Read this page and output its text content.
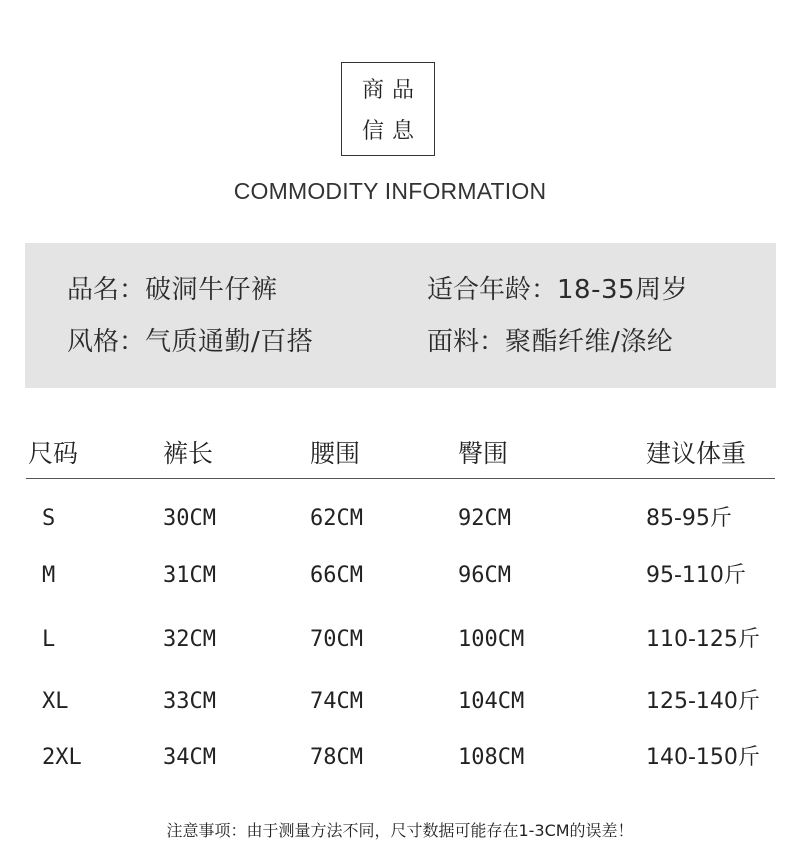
商品
信息
COMMODITY INFORMATION
品名：破洞牛仔裤	适合年龄：18-35周岁
风格：气质通勤/百搭	面料：聚酯纤维/涤纶
尺码	裤长	腰围	臀围	建议体重
S	30CM	62CM	92CM	85-95斤
M	31CM	66CM	96CM	95-110斤
L	32CM	70CM	100CM	110-125斤
XL	33CM	74CM	104CM	125-140斤
2XL	34CM	78CM	108CM	140-150斤
注意事项：由于测量方法不同，尺寸数据可能存在1-3CM的误差！
